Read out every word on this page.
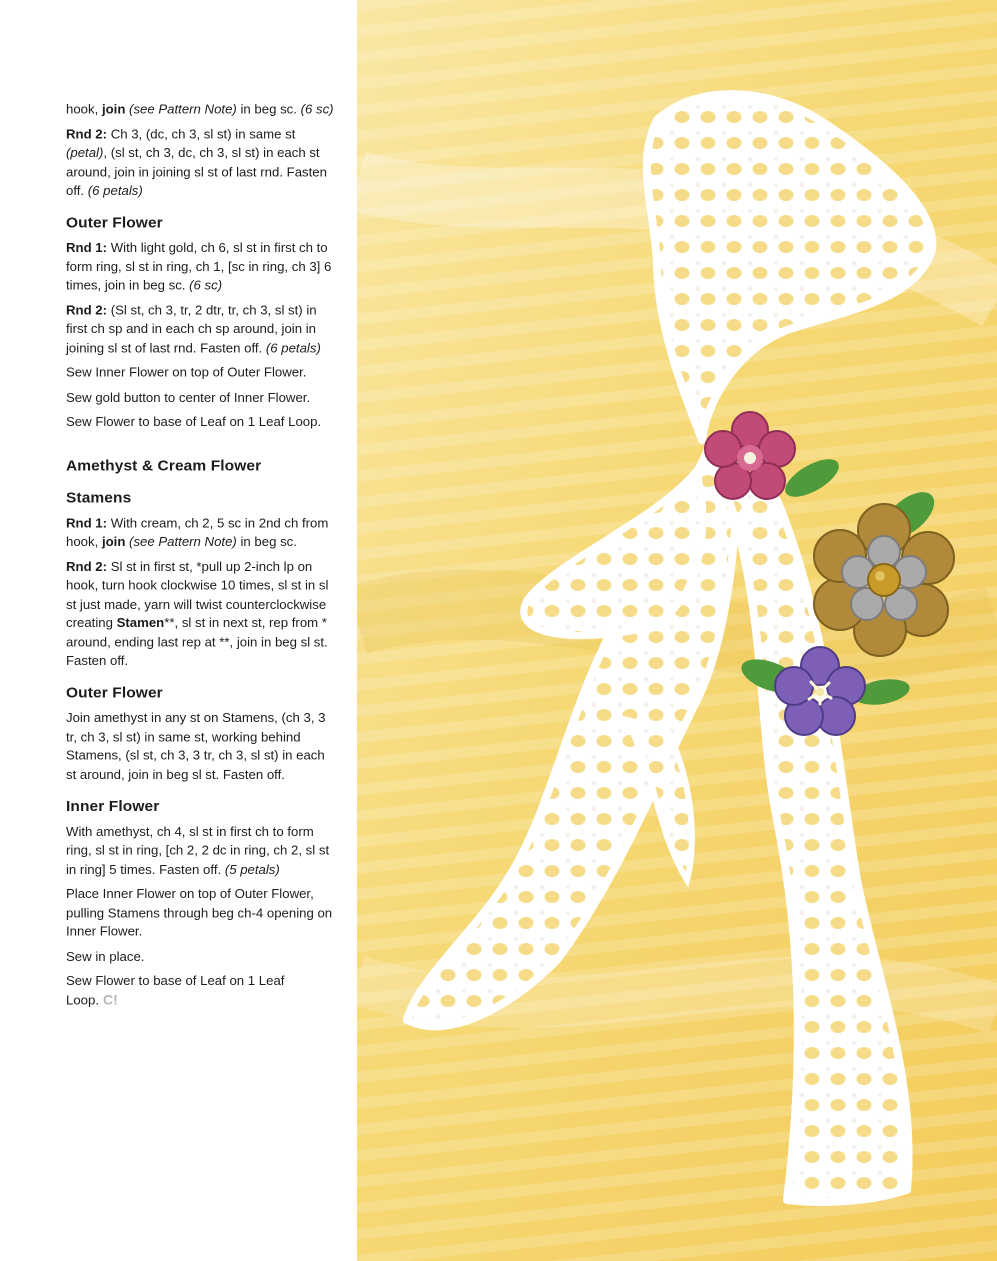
hook, join (see Pattern Note) in beg sc. (6 sc)

Rnd 2: Ch 3, (dc, ch 3, sl st) in same st (petal), (sl st, ch 3, dc, ch 3, sl st) in each st around, join in joining sl st of last rnd. Fasten off. (6 petals)

Outer Flower

Rnd 1: With light gold, ch 6, sl st in first ch to form ring, sl st in ring, ch 1, [sc in ring, ch 3] 6 times, join in beg sc. (6 sc)

Rnd 2: (Sl st, ch 3, tr, 2 dtr, tr, ch 3, sl st) in first ch sp and in each ch sp around, join in joining sl st of last rnd. Fasten off. (6 petals)

Sew Inner Flower on top of Outer Flower.

Sew gold button to center of Inner Flower.

Sew Flower to base of Leaf on 1 Leaf Loop.

Amethyst & Cream Flower
Stamens

Rnd 1: With cream, ch 2, 5 sc in 2nd ch from hook, join (see Pattern Note) in beg sc.

Rnd 2: Sl st in first st, *pull up 2-inch lp on hook, turn hook clockwise 10 times, sl st in sl st just made, yarn will twist counterclockwise creating Stamen**, sl st in next st, rep from * around, ending last rep at **, join in beg sl st. Fasten off.

Outer Flower

Join amethyst in any st on Stamens, (ch 3, 3 tr, ch 3, sl st) in same st, working behind Stamens, (sl st, ch 3, 3 tr, ch 3, sl st) in each st around, join in beg sl st. Fasten off.

Inner Flower

With amethyst, ch 4, sl st in first ch to form ring, sl st in ring, [ch 2, 2 dc in ring, ch 2, sl st in ring] 5 times. Fasten off. (5 petals)

Place Inner Flower on top of Outer Flower, pulling Stamens through beg ch-4 opening on Inner Flower.

Sew in place.

Sew Flower to base of Leaf on 1 Leaf Loop. C!
